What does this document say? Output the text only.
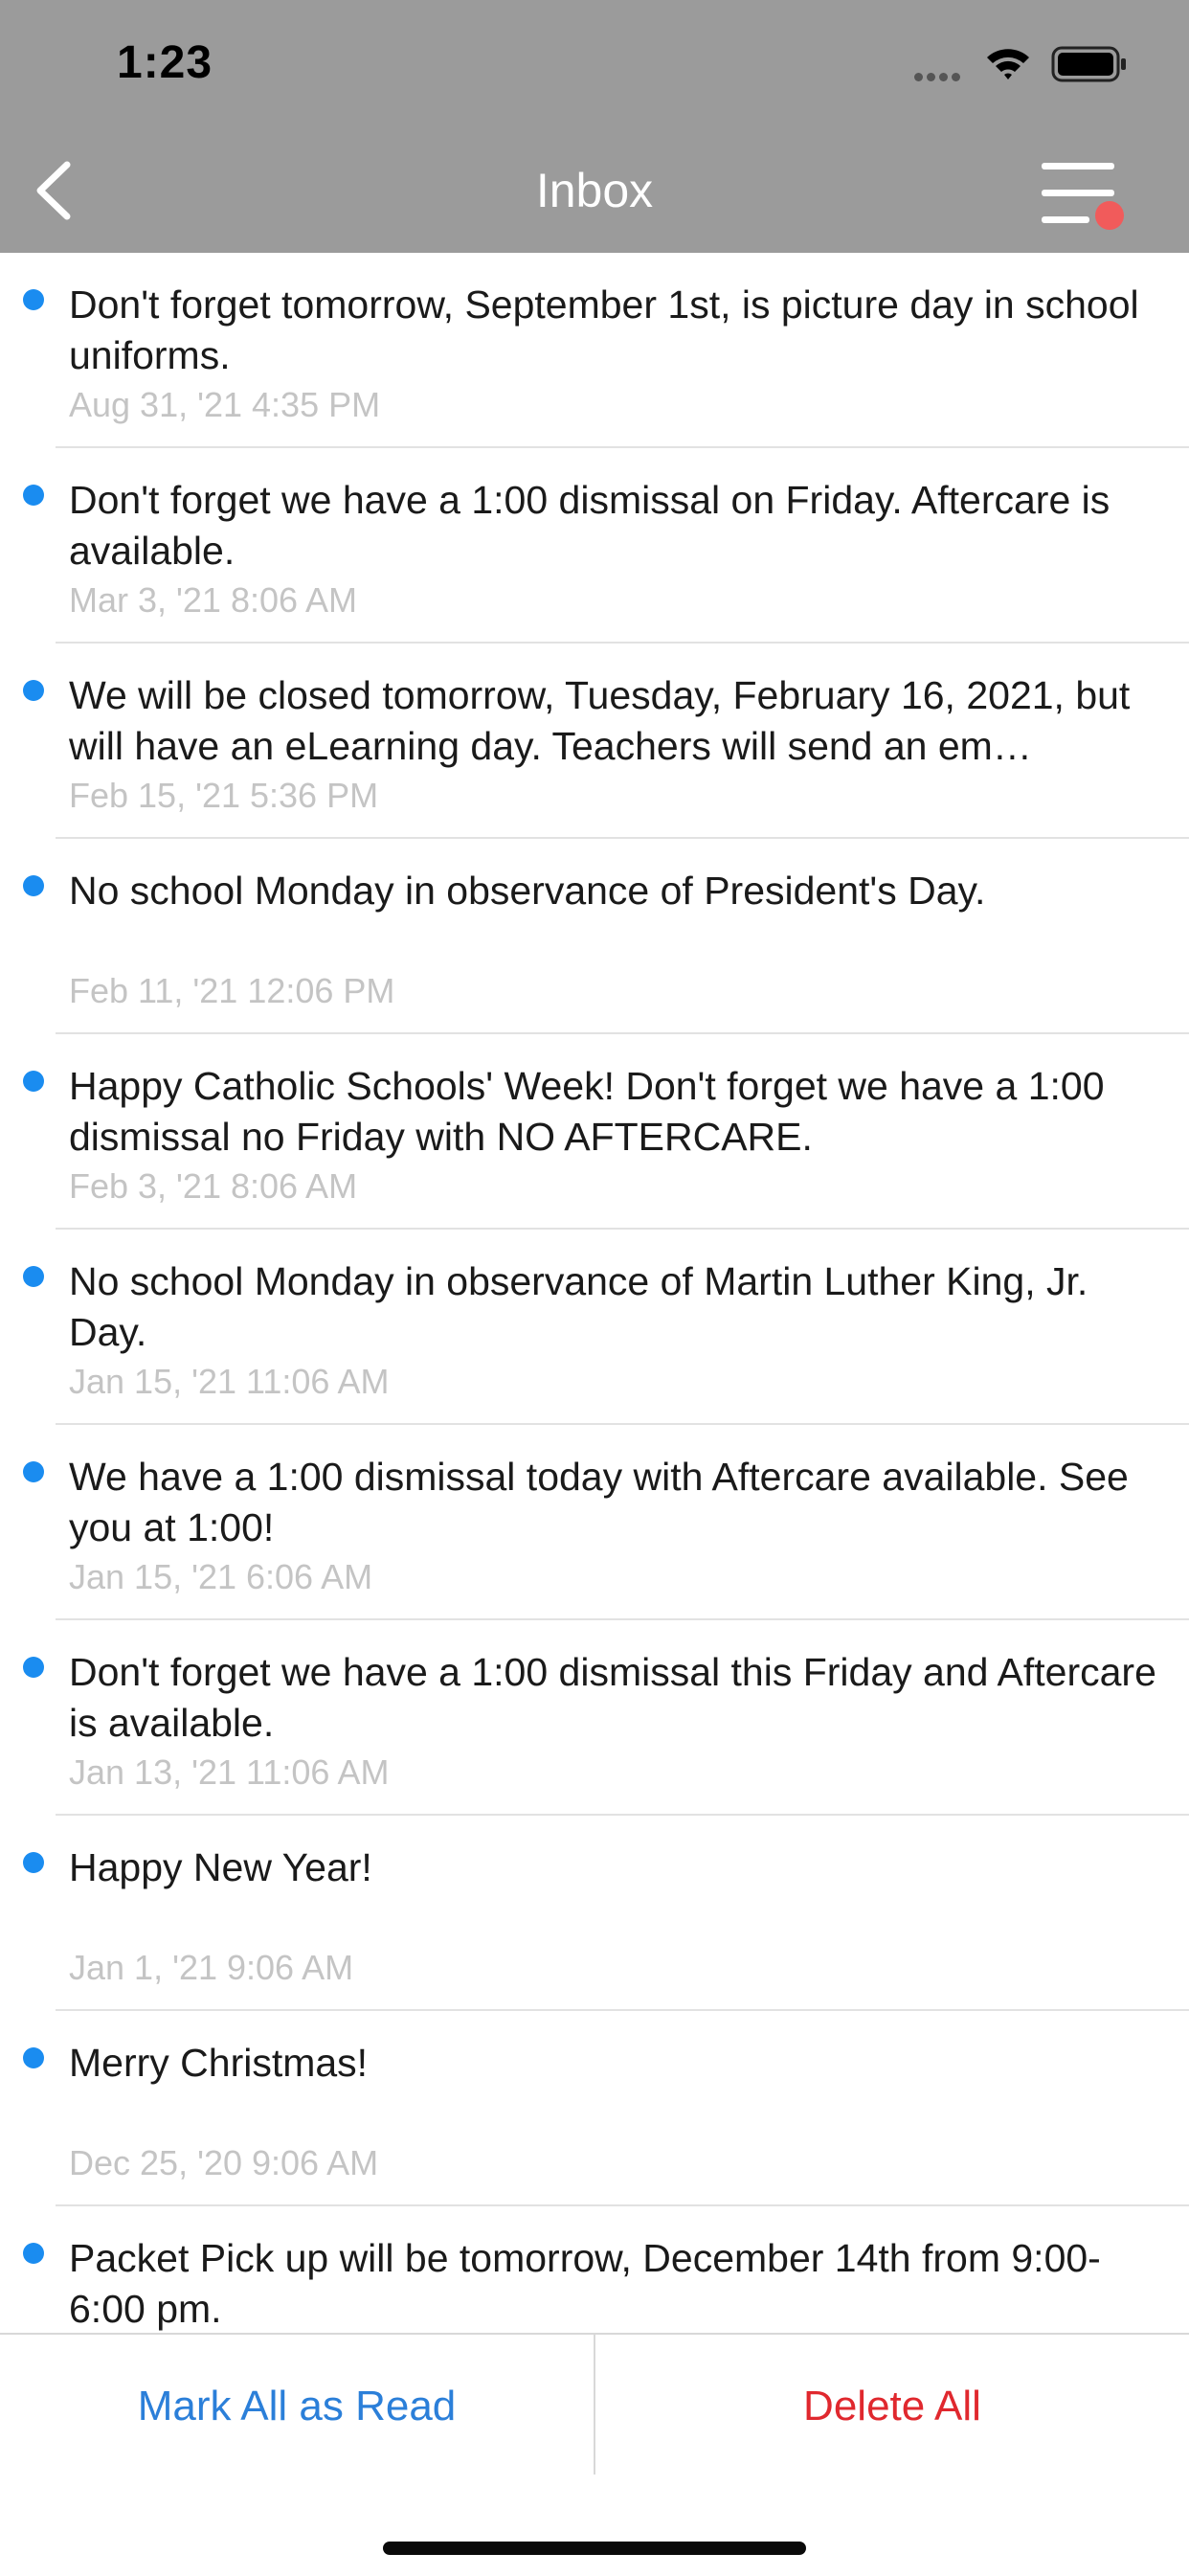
1:23
Inbox
Don't forget tomorrow, September 1st, is picture day in school uniforms.
Aug 31, '21 4:35 PM
Don't forget we have a 1:00 dismissal on Friday. Aftercare is available.
Mar 3, '21 8:06 AM
We will be closed tomorrow, Tuesday, February 16, 2021, but will have an eLearning day. Teachers will send an em…
Feb 15, '21 5:36 PM
No school Monday in observance of President's Day.
Feb 11, '21 12:06 PM
Happy Catholic Schools' Week! Don't forget we have a 1:00 dismissal no Friday with NO AFTERCARE.
Feb 3, '21 8:06 AM
No school Monday in observance of Martin Luther King, Jr. Day.
Jan 15, '21 11:06 AM
We have a 1:00 dismissal today with Aftercare available. See you at 1:00!
Jan 15, '21 6:06 AM
Don't forget we have a 1:00 dismissal this Friday and Aftercare is available.
Jan 13, '21 11:06 AM
Happy New Year!
Jan 1, '21 9:06 AM
Merry Christmas!
Dec 25, '20 9:06 AM
Packet Pick up will be tomorrow, December 14th from 9:00-6:00 pm.
Mark All as Read	Delete All
